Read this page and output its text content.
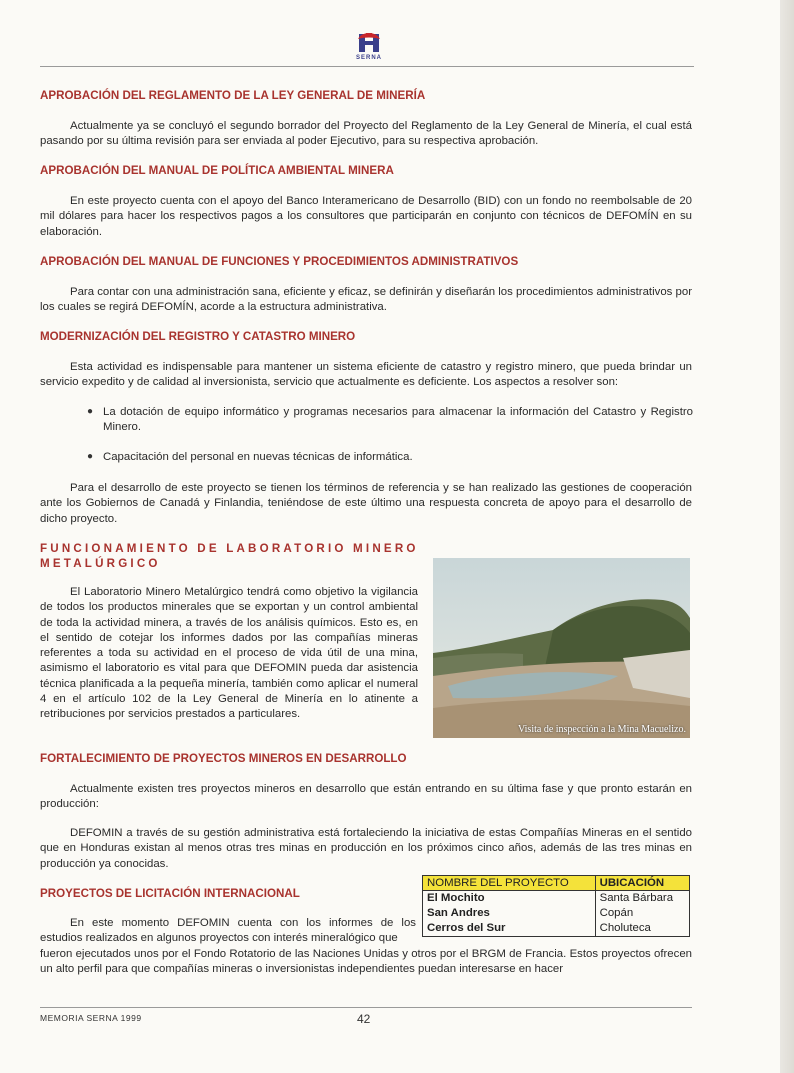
SERNA
APROBACIÓN DEL REGLAMENTO DE LA LEY GENERAL DE MINERÍA
Actualmente ya se concluyó el segundo borrador del Proyecto del Reglamento de la Ley General de Minería, el cual está pasando por su última revisión para ser enviada al poder Ejecutivo, para su respectiva aprobación.
APROBACIÓN DEL MANUAL DE POLÍTICA AMBIENTAL MINERA
En este proyecto cuenta con el apoyo del Banco Interamericano de Desarrollo (BID) con un fondo no reembolsable de 20 mil dólares para hacer los respectivos pagos a los consultores que participarán en conjunto con técnicos de DEFOMÍN en su elaboración.
APROBACIÓN DEL MANUAL DE FUNCIONES Y PROCEDIMIENTOS ADMINISTRATIVOS
Para contar con una administración sana, eficiente y eficaz, se definirán y diseñarán los procedimientos administrativos por los cuales se regirá DEFOMÍN, acorde a la estructura administrativa.
MODERNIZACIÓN DEL REGISTRO Y CATASTRO MINERO
Esta actividad es indispensable para mantener un sistema eficiente de catastro y registro minero, que pueda brindar un servicio expedito y de calidad al inversionista, servicio que actualmente es deficiente. Los aspectos a resolver son:
● La dotación de equipo informático y programas necesarios para almacenar la información del Catastro y Registro Minero.
● Capacitación del personal en nuevas técnicas de informática.
Para el desarrollo de este proyecto se tienen los términos de referencia y se han realizado las gestiones de cooperación ante los Gobiernos de Canadá y Finlandia, teniéndose de este último una respuesta concreta de apoyo para el desarrollo de dicho proyecto.
FUNCIONAMIENTO DE LABORATORIO MINERO METALÚRGICO
El Laboratorio Minero Metalúrgico tendrá como objetivo la vigilancia de todos los productos minerales que se exportan y un control ambiental de toda la actividad minera, a través de los análisis químicos. Esto es, en el sentido de cotejar los informes dados por las compañías mineras referentes a toda su actividad en el proceso de vida útil de una mina, asimismo el laboratorio es vital para que DEFOMIN pueda dar asistencia técnica planificada a la pequeña minería, también como aplicar el numeral 4 en el artículo 102 de la Ley General de Minería en lo atinente a retribuciones por servicios prestados a particulares.
Visita de inspección a la Mina Macuelizo.
FORTALECIMIENTO DE PROYECTOS MINEROS EN DESARROLLO
Actualmente existen tres proyectos mineros en desarrollo que están entrando en su última fase y que pronto estarán en producción:
DEFOMIN a través de su gestión administrativa está fortaleciendo la iniciativa de estas Compañías Mineras en el sentido que en Honduras existan al menos otras tres minas en producción en los próximos cinco años, además de las tres minas en producción ya conocidas.
PROYECTOS DE LICITACIÓN INTERNACIONAL
En este momento DEFOMIN cuenta con los informes de los estudios realizados en algunos proyectos con interés mineralógico que
fueron ejecutados unos por el Fondo Rotatorio de las Naciones Unidas y otros por el BRGM de Francia. Estos proyectos ofrecen un alto perfil para que compañías mineras o inversionistas independientes puedan interesarse en hacer
NOMBRE DEL PROYECTO	UBICACIÓN
El Mochito	Santa Bárbara
San Andres	Copán
Cerros del Sur	Choluteca
MEMORIA SERNA 1999	42
